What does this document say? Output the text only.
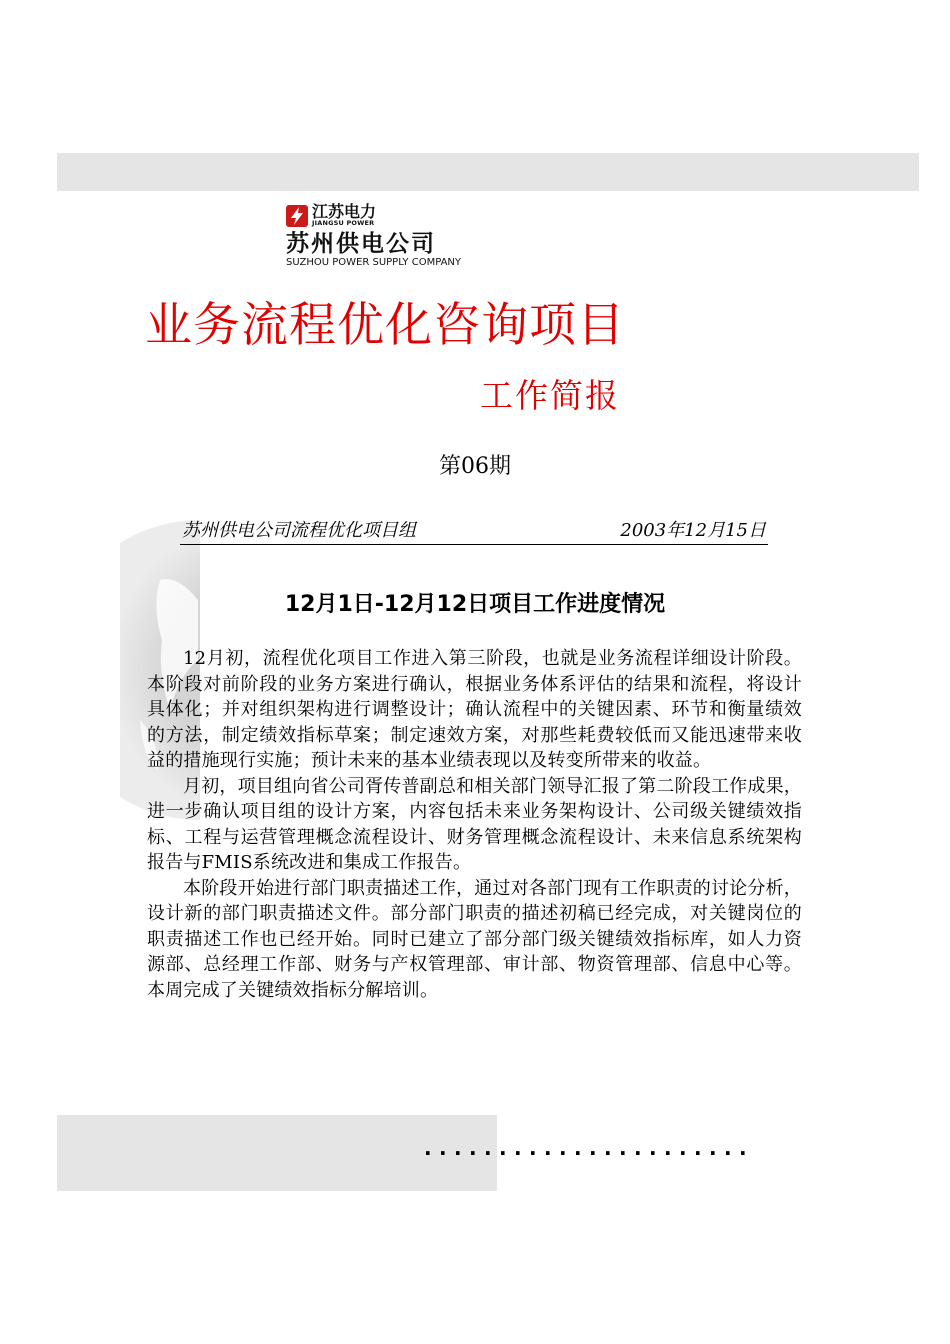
江苏电力
JIANGSU POWER
苏州供电公司
SUZHOU POWER SUPPLY COMPANY
业务流程优化咨询项目
工作简报
第06期
苏州供电公司流程优化项目组	2003年12月15日
12月1日-12月12日项目工作进度情况

12月初，流程优化项目工作进入第三阶段，也就是业务流程详细设计阶段。本阶段对前阶段的业务方案进行确认，根据业务体系评估的结果和流程，将设计具体化；并对组织架构进行调整设计；确认流程中的关键因素、环节和衡量绩效的方法，制定绩效指标草案；制定速效方案，对那些耗费较低而又能迅速带来收益的措施现行实施；预计未来的基本业绩表现以及转变所带来的收益。

月初，项目组向省公司胥传普副总和相关部门领导汇报了第二阶段工作成果，进一步确认项目组的设计方案，内容包括未来业务架构设计、公司级关键绩效指标、工程与运营管理概念流程设计、财务管理概念流程设计、未来信息系统架构报告与FMIS系统改进和集成工作报告。

本阶段开始进行部门职责描述工作，通过对各部门现有工作职责的讨论分析，设计新的部门职责描述文件。部分部门职责的描述初稿已经完成，对关键岗位的职责描述工作也已经开始。同时已建立了部分部门级关键绩效指标库，如人力资源部、总经理工作部、财务与产权管理部、审计部、物资管理部、信息中心等。本周完成了关键绩效指标分解培训。

......................
